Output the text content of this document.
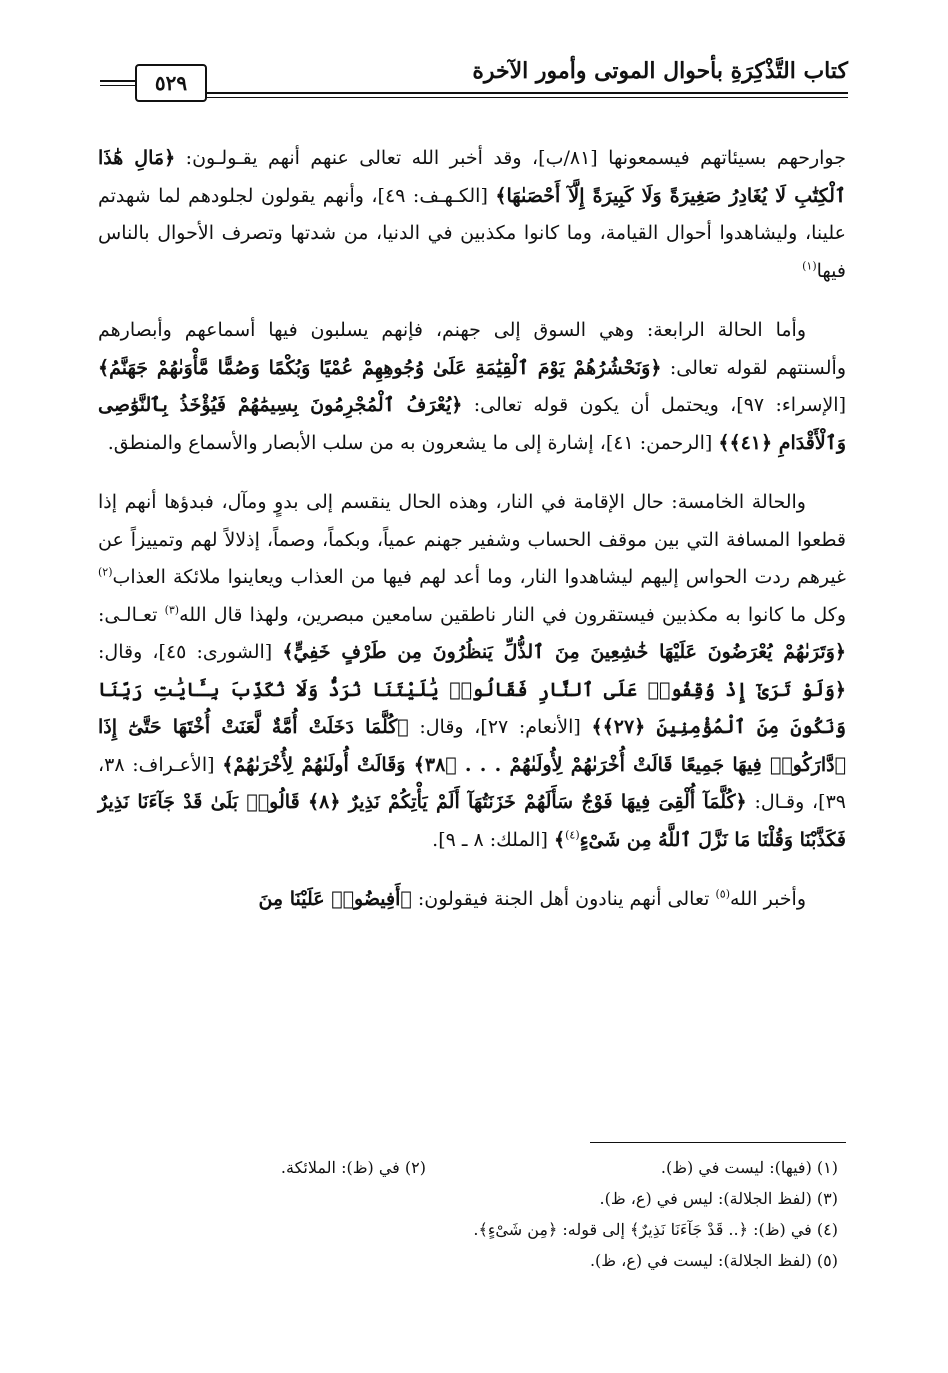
كتاب التَّذْكِرَةِ بأحوال الموتى وأمور الآخرة
٥٢٩

جوارحهم بسيئاتهم فيسمعونها [٨١/ب]، وقد أخبر الله تعالى عنهم أنهم يقـولـون: ﴿مَالِ هَٰذَا ٱلْكِتَٰبِ لَا يُغَادِرُ صَغِيرَةً وَلَا كَبِيرَةً إِلَّآ أَحْصَىٰهَا﴾ [الكـهـف: ٤٩]، وأنهم يقولون لجلودهم لما شهدتم علينا، وليشاهدوا أحوال القيامة، وما كانوا مكذبين في الدنيا، من شدتها وتصرف الأحوال بالناس فيها$^{(١)}$

وأما الحالة الرابعة: وهي السوق إلى جهنم، فإنهم يسلبون فيها أسماعهم وأبصارهم وألسنتهم لقوله تعالى: ﴿وَنَحْشُرُهُمْ يَوْمَ ٱلْقِيَٰمَةِ عَلَىٰ وُجُوهِهِمْ عُمْيًا وَبُكْمًا وَصُمًّا مَّأْوَىٰهُمْ جَهَنَّمُ﴾ [الإسراء: ٩٧]، ويحتمل أن يكون قوله تعالى: ﴿يُعْرَفُ ٱلْمُجْرِمُونَ بِسِيمَٰهُمْ فَيُؤْخَذُ بِٱلنَّوَٰصِى وَٱلْأَقْدَامِ ﴿٤١﴾﴾ [الرحمن: ٤١]، إشارة إلى ما يشعرون به من سلب الأبصار والأسماع والمنطق.

والحالة الخامسة: حال الإقامة في النار، وهذه الحال ينقسم إلى بدوٍ ومآل، فبدؤها أنهم إذا قطعوا المسافة التي بين موقف الحساب وشفير جهنم عمياً، وبكماً، وصماً، إذلالاً لهم وتمييزاً عن غيرهم ردت الحواس إليهم ليشاهدوا النار، وما أعد لهم فيها من العذاب ويعاينوا ملائكة العذاب$^{(٢)}$ وكل ما كانوا به مكذبين فيستقرون في النار ناطقين سامعين مبصرين، ولهذا قال الله$^{(٣)}$ تعـالـى: ﴿وَتَرَىٰهُمْ يُعْرَضُونَ عَلَيْهَا خَٰشِعِينَ مِنَ ٱلذُّلِّ يَنظُرُونَ مِن طَرْفٍ خَفِيٍّ﴾ [الشورى: ٤٥]، وقال: ﴿وَلَوْ تَرَىٰٓ إِذْ وُقِفُوا۟ عَلَى ٱلنَّارِ فَقَالُوا۟ يَٰلَيْتَنَا نُرَدُّ وَلَا نُكَذِّبَ بِـَٔايَٰتِ رَبِّنَا وَنَكُونَ مِنَ ٱلْمُؤْمِنِينَ ﴿٢٧﴾﴾ [الأنعام: ٢٧]، وقال: ﴿كُلَّمَا دَخَلَتْ أُمَّةٌ لَّعَنَتْ أُخْتَهَا حَتَّىٰٓ إِذَا ٱدَّارَكُوا۟ فِيهَا جَمِيعًا قَالَتْ أُخْرَىٰهُمْ لِأُولَىٰهُمْ . . . ﴿٣٨﴾ وَقَالَتْ أُولَىٰهُمْ لِأُخْرَىٰهُمْ﴾ [الأعـراف: ٣٨، ٣٩]، وقـال: ﴿كُلَّمَآ أُلْقِىَ فِيهَا فَوْجٌ سَأَلَهُمْ خَزَنَتُهَآ أَلَمْ يَأْتِكُمْ نَذِيرٌ ﴿٨﴾ قَالُوا۟ بَلَىٰ قَدْ جَآءَنَا نَذِيرٌ فَكَذَّبْنَا وَقُلْنَا مَا نَزَّلَ ٱللَّهُ مِن شَىْءٍ$^{(٤)}$﴾ [الملك: ٨ ـ ٩].

وأخبر الله$^{(٥)}$ تعالى أنهم ينادون أهل الجنة فيقولون: ﴿أَفِيضُوا۟ عَلَيْنَا مِنَ

(١) (فيها): ليست في (ظ).
(٢) في (ظ): الملائكة.
(٣) (لفظ الجلالة): ليس في (ع، ظ).
(٤) في (ظ): ﴿.. قَدْ جَآءَنَا نَذِيرٌ﴾ إلى قوله: ﴿مِن شَىْءٍ﴾.
(٥) (لفظ الجلالة): ليست في (ع، ظ).
